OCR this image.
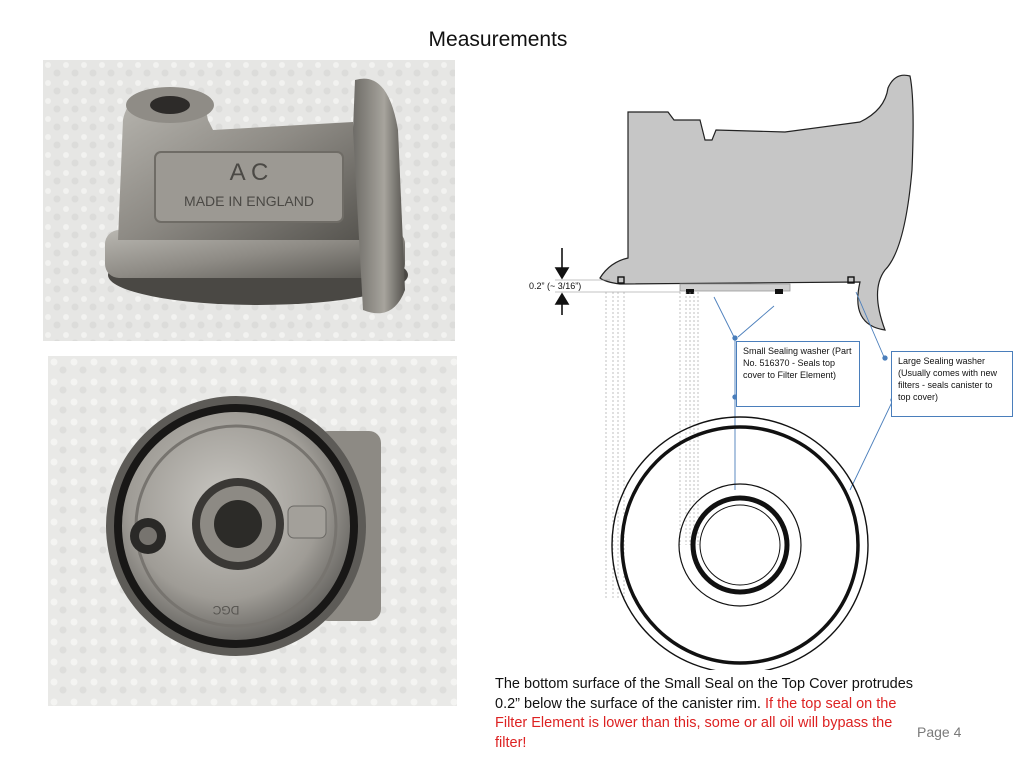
Measurements
A C
MADE IN ENGLAND
DGC
0.2” (~ 3/16”)
Small Sealing washer (Part No. 516370 - Seals top cover to Filter Element)
Large Sealing washer (Usually comes with new filters - seals canister to top cover)
The bottom surface of the Small Seal on the Top Cover protrudes 0.2” below the surface of the canister rim. If the top seal on the Filter Element is lower than this, some or all oil will bypass the filter!
Page 4
